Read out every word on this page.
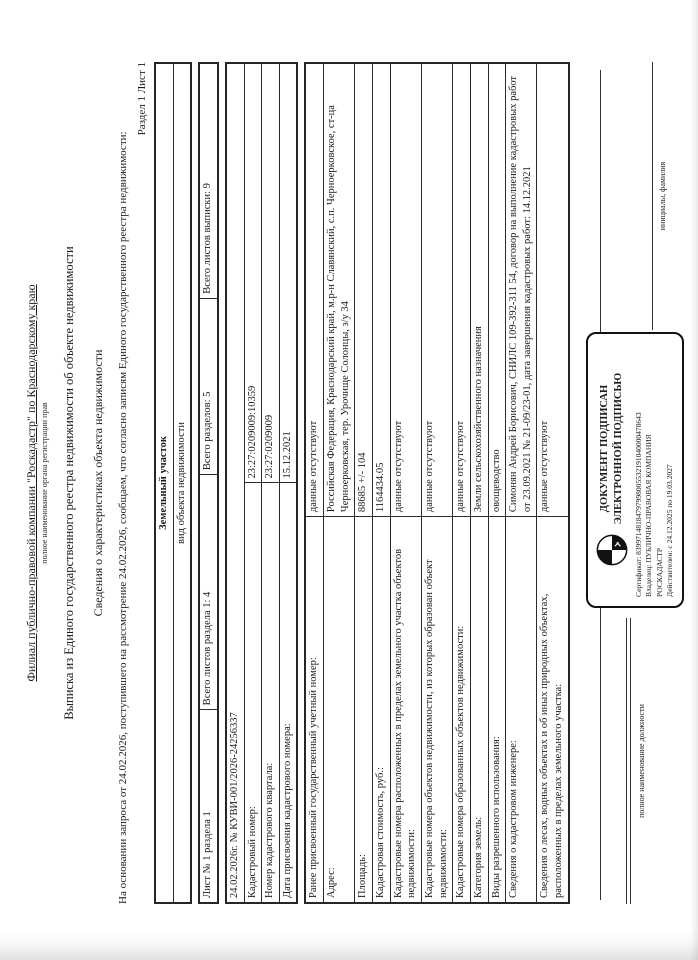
Филиал публично-правовой компании "Роскадастр" по Краснодарскому краю полное наименование органа регистрации прав Выписка из Единого государственного реестра недвижимости об объекте недвижимости Сведения о характеристиках объекта недвижимости На основании запроса от 24.02.2026, поступившего на рассмотрение 24.02.2026, сообщаем, что согласно записям Единого государственного реестра недвижимости:
Раздел 1 Лист 1
Земельный участок
вид объекта недвижимости
Лист № 1 раздела 1	Всего листов раздела 1: 4	Всего разделов: 5	Всего листов выписки: 9
24.02.2026г. № КУВИ-001/2026-24256337	
Кадастровый номер:	23:27:0209009:10359
Номер кадастрового квартала:	23:27:0209009
Дата присвоения кадастрового номера:	15.12.2021
Ранее присвоенный государственный учетный номер:	данные отсутствуют
Адрес:	Российская Федерация, Краснодарский край, м.р-н Славянский, с.п. Черноерковское, ст-ца Черноерковская, тер. Урочище Солонцы, з/у 34
Площадь:	88685 +/- 104
Кадастровая стоимость, руб.:	1164434.05
Кадастровые номера расположенных в пределах земельного участка объектов недвижимости:	данные отсутствуют
Кадастровые номера объектов недвижимости, из которых образован объект недвижимости:	данные отсутствуют
Кадастровые номера образованных объектов недвижимости:	данные отсутствуют
Категория земель:	Земли сельскохозяйственного назначения
Виды разрешенного использования:	овощеводство
Сведения о кадастровом инженере:	Симонян Андрей Борисович, СНИЛС 109-392-311 54, договор на выполнение кадастровых работ от 23.09.2021 № 21-09/23-01, дата завершения кадастровых работ: 14.12.2021
Сведения о лесах, водных объектах и об иных природных объектах, расположенных в пределах земельного участка:	данные отсутствуют
полное наименование должности
ДОКУМЕНТ ПОДПИСАН ЭЛЕКТРОННОЙ ПОДПИСЬЮ Сертификат: 83997148184797998005532191040000478643 Владелец: ПУБЛИЧНО-ПРАВОВАЯ КОМПАНИЯ РОСКАДАСТР Действителен: с 24.12.2025 по 19.03.2027
инициалы, фамилия
